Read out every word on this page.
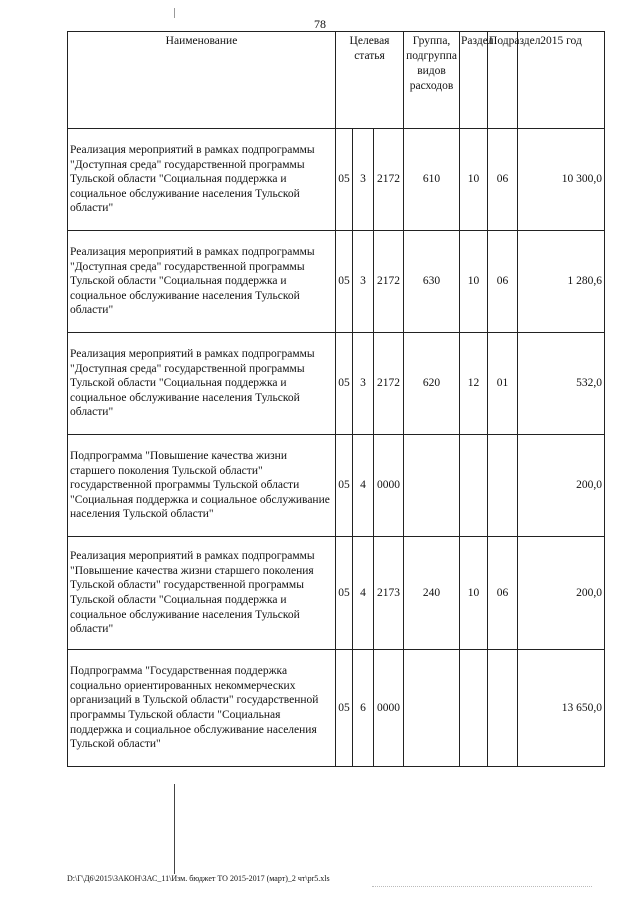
78
Наименование	Целевая статья			Группа, подгруппа видов расходов	Раздел	Подраздел	2015 год
Реализация мероприятий в рамках подпрограммы "Доступная среда" государственной программы Тульской области "Социальная поддержка и социальное обслуживание населения Тульской области"	05	3	2172	610	10	06	10 300,0
Реализация мероприятий в рамках подпрограммы "Доступная среда" государственной программы Тульской области "Социальная поддержка и социальное обслуживание населения Тульской области"	05	3	2172	630	10	06	1 280,6
Реализация мероприятий в рамках подпрограммы "Доступная среда" государственной программы Тульской области "Социальная поддержка и социальное обслуживание населения Тульской области"	05	3	2172	620	12	01	532,0
Подпрограмма "Повышение качества жизни старшего поколения Тульской области" государственной программы Тульской области "Социальная поддержка и социальное обслуживание населения Тульской области"	05	4	0000				200,0
Реализация мероприятий в рамках подпрограммы "Повышение качества жизни старшего поколения Тульской области" государственной программы Тульской области "Социальная поддержка и социальное обслуживание населения Тульской области"	05	4	2173	240	10	06	200,0
Подпрограмма "Государственная поддержка социально ориентированных некоммерческих организаций в Тульской области" государственной программы Тульской области "Социальная поддержка и социальное обслуживание населения Тульской области"	05	6	0000				13 650,0
D:\Г\Д6\2015\ЗАКОН\ЗАС_11\Изм. бюджет ТО 2015-2017 (март)_2 чт\pr5.xls
